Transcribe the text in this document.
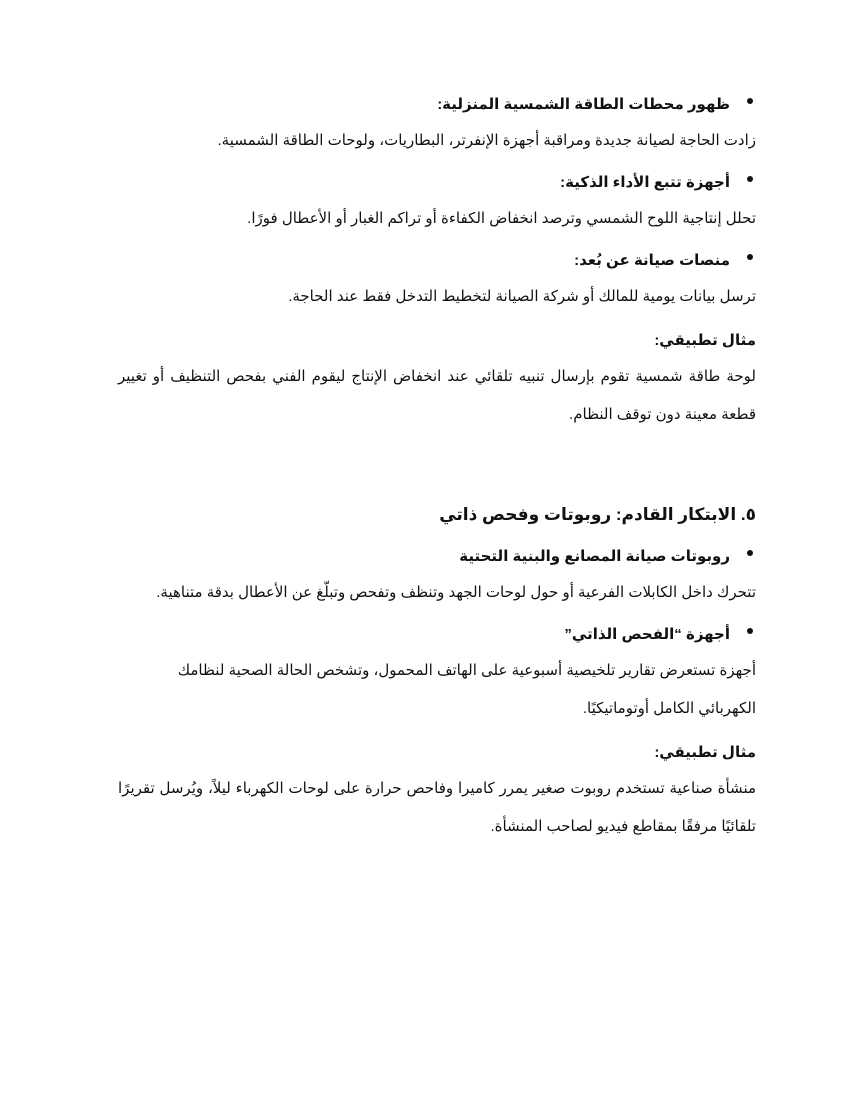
ظهور محطات الطاقة الشمسية المنزلية:

زادت الحاجة لصيانة جديدة ومراقبة أجهزة الإنفرتر، البطاريات، ولوحات الطاقة الشمسية.

أجهزة تتبع الأداء الذكية:

تحلل إنتاجية اللوح الشمسي وترصد انخفاض الكفاءة أو تراكم الغبار أو الأعطال فورًا.

منصات صيانة عن بُعد:

ترسل بيانات يومية للمالك أو شركة الصيانة لتخطيط التدخل فقط عند الحاجة.

مثال تطبيقي:

لوحة طاقة شمسية تقوم بإرسال تنبيه تلقائي عند انخفاض الإنتاج ليقوم الفني بفحص التنظيف أو تغيير قطعة معينة دون توقف النظام.

٥. الابتكار القادم: روبوتات وفحص ذاتي

روبوتات صيانة المصانع والبنية التحتية

تتحرك داخل الكابلات الفرعية أو حول لوحات الجهد وتنظف وتفحص وتبلّغ عن الأعطال بدقة متناهية.

أجهزة “الفحص الذاتي”

أجهزة تستعرض تقارير تلخيصية أسبوعية على الهاتف المحمول، وتشخص الحالة الصحية لنظامك الكهربائي الكامل أوتوماتيكيًا.

مثال تطبيقي:

منشأة صناعية تستخدم روبوت صغير يمرر كاميرا وفاحص حرارة على لوحات الكهرباء ليلاً، ويُرسل تقريرًا تلقائيًا مرفقًا بمقاطع فيديو لصاحب المنشأة.
